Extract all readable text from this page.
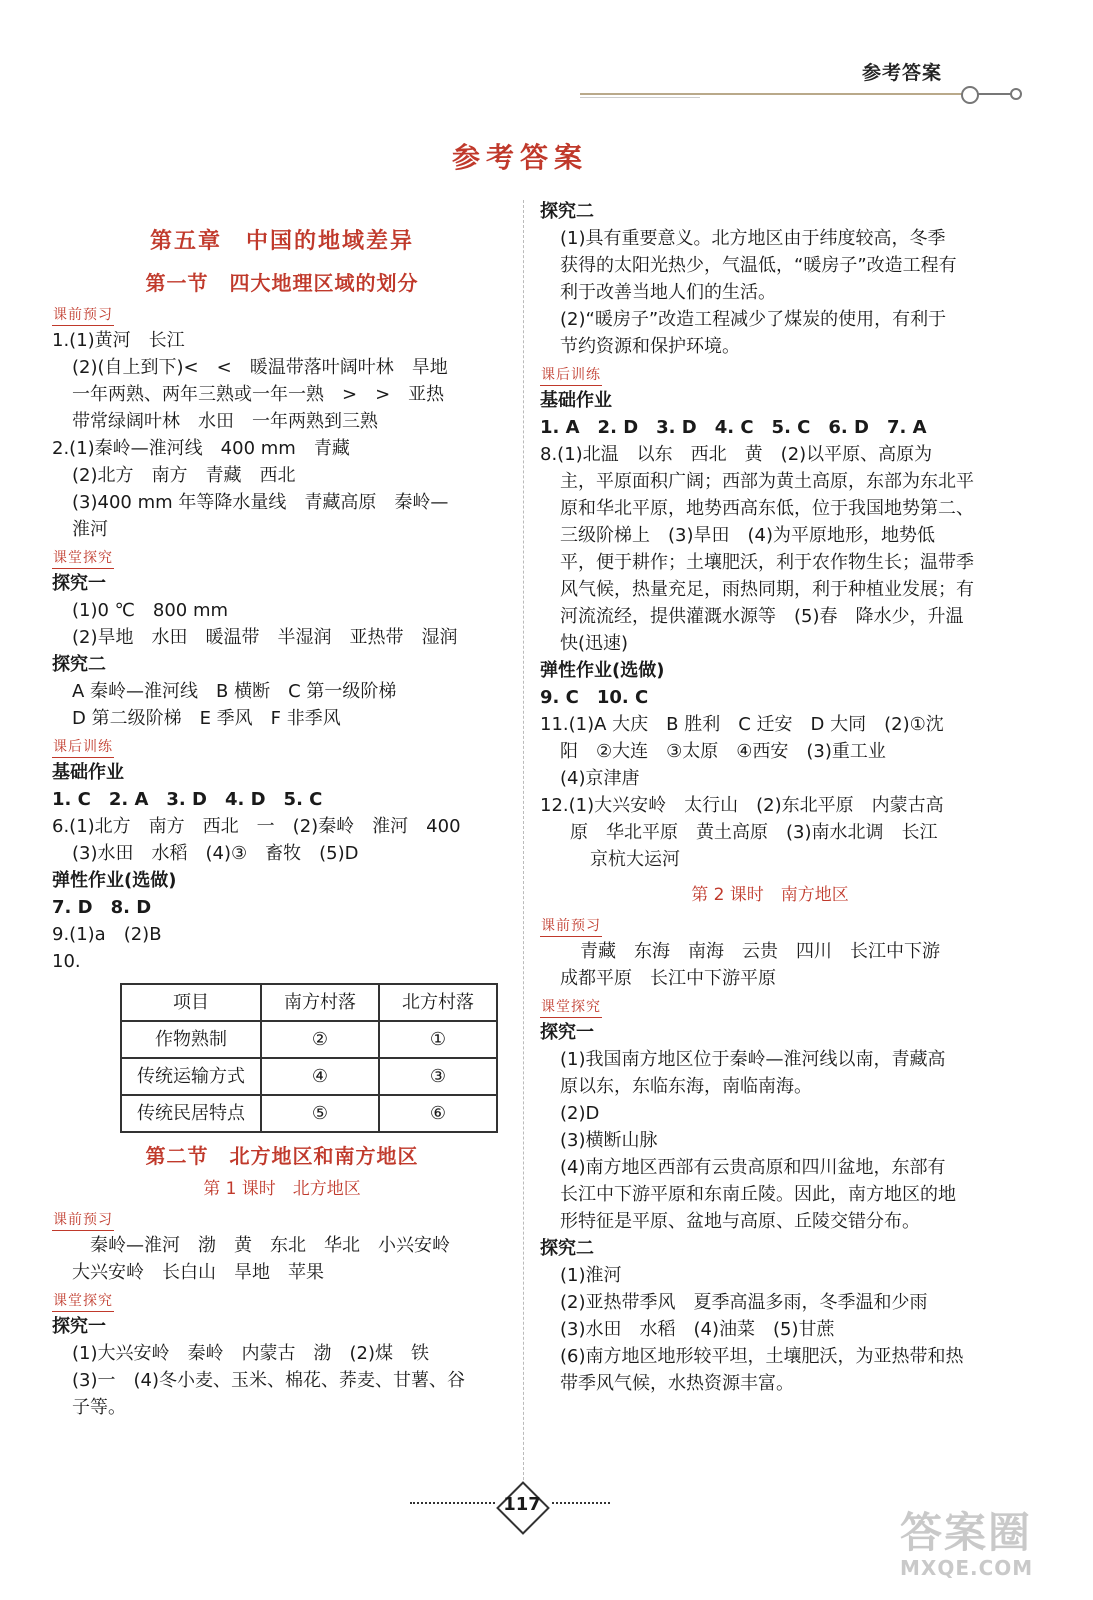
参考答案
参考答案
第五章　中国的地域差异
第一节　四大地理区域的划分
课前预习
1.(1)黄河　长江
(2)(自上到下)<　<　暖温带落叶阔叶林　旱地
一年两熟、两年三熟或一年一熟　>　>　亚热
带常绿阔叶林　水田　一年两熟到三熟
2.(1)秦岭—淮河线　400 mm　青藏
(2)北方　南方　青藏　西北
(3)400 mm 年等降水量线　青藏高原　秦岭—
淮河
课堂探究
探究一
(1)0 ℃　800 mm
(2)旱地　水田　暖温带　半湿润　亚热带　湿润
探究二
A 秦岭—淮河线　B 横断　C 第一级阶梯
D 第二级阶梯　E 季风　F 非季风
课后训练
基础作业
1. C　2. A　3. D　4. D　5. C
6.(1)北方　南方　西北　一　(2)秦岭　淮河　400
(3)水田　水稻　(4)③　畜牧　(5)D
弹性作业(选做)
7. D　8. D
9.(1)a　(2)B
10.
项目	南方村落	北方村落
作物熟制	②	①
传统运输方式	④	③
传统民居特点	⑤	⑥
第二节　北方地区和南方地区
第 1 课时　北方地区
课前预习
秦岭—淮河　渤　黄　东北　华北　小兴安岭
大兴安岭　长白山　旱地　苹果
课堂探究
探究一
(1)大兴安岭　秦岭　内蒙古　渤　(2)煤　铁
(3)一　(4)冬小麦、玉米、棉花、荞麦、甘薯、谷
子等。
探究二
(1)具有重要意义。北方地区由于纬度较高，冬季
获得的太阳光热少，气温低，“暖房子”改造工程有
利于改善当地人们的生活。
(2)“暖房子”改造工程减少了煤炭的使用，有利于
节约资源和保护环境。
课后训练
基础作业
1. A　2. D　3. D　4. C　5. C　6. D　7. A
8.(1)北温　以东　西北　黄　(2)以平原、高原为
主，平原面积广阔；西部为黄土高原，东部为东北平
原和华北平原，地势西高东低，位于我国地势第二、
三级阶梯上　(3)旱田　(4)为平原地形，地势低
平，便于耕作；土壤肥沃，利于农作物生长；温带季
风气候，热量充足，雨热同期，利于种植业发展；有
河流流经，提供灌溉水源等　(5)春　降水少，升温
快(迅速)
弹性作业(选做)
9. C　10. C
11.(1)A 大庆　B 胜利　C 迁安　D 大同　(2)①沈
阳　②大连　③太原　④西安　(3)重工业
(4)京津唐
12.(1)大兴安岭　太行山　(2)东北平原　内蒙古高
原　华北平原　黄土高原　(3)南水北调　长江
京杭大运河
第 2 课时　南方地区
课前预习
青藏　东海　南海　云贵　四川　长江中下游
成都平原　长江中下游平原
课堂探究
探究一
(1)我国南方地区位于秦岭—淮河线以南，青藏高
原以东，东临东海，南临南海。
(2)D
(3)横断山脉
(4)南方地区西部有云贵高原和四川盆地，东部有
长江中下游平原和东南丘陵。因此，南方地区的地
形特征是平原、盆地与高原、丘陵交错分布。
探究二
(1)淮河
(2)亚热带季风　夏季高温多雨，冬季温和少雨
(3)水田　水稻　(4)油菜　(5)甘蔗
(6)南方地区地形较平坦，土壤肥沃，为亚热带和热
带季风气候，水热资源丰富。
117
答案圈
MXQE.COM
